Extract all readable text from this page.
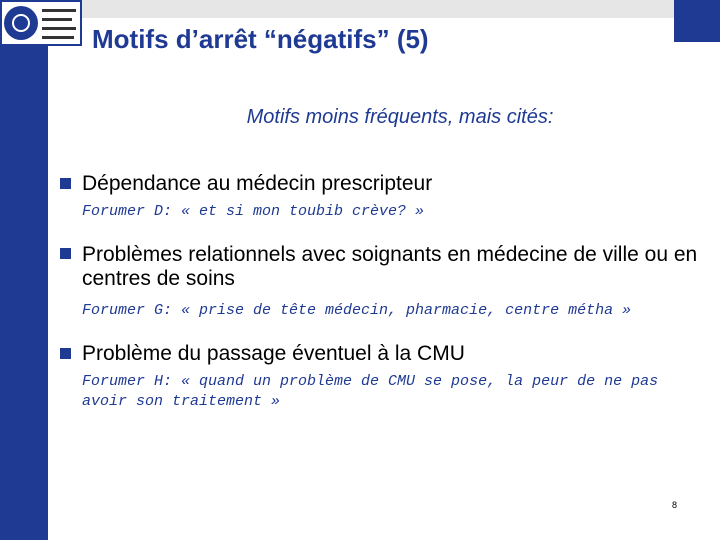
Motifs d’arrêt “négatifs” (5)
Motifs moins fréquents, mais cités:
Dépendance au médecin prescripteur
Forumer D: « et si mon toubib crève? »
Problèmes relationnels avec soignants en médecine de ville ou en centres de soins
Forumer G: « prise de tête médecin, pharmacie, centre métha »
Problème du passage éventuel à la CMU
Forumer H: « quand un problème de CMU se pose, la peur de ne pas avoir son traitement »
8
